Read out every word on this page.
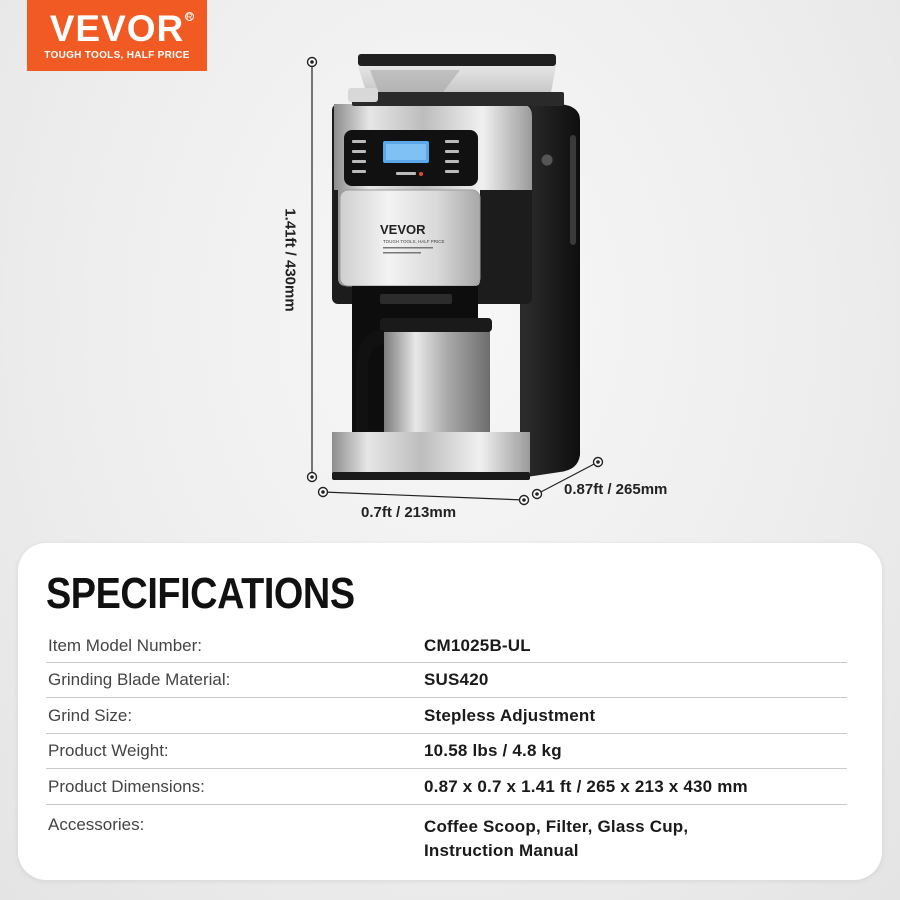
VEVOR R
TOUGH TOOLS, HALF PRICE
VEVOR
TOUGH TOOLS, HALF PRICE
1.41ft / 430mm
0.7ft / 213mm
0.87ft / 265mm
SPECIFICATIONS
Item Model Number:	CM1025B-UL
Grinding Blade Material:	SUS420
Grind Size:	Stepless Adjustment
Product Weight:	10.58 lbs / 4.8 kg
Product Dimensions:	0.87 x 0.7 x 1.41 ft / 265 x 213 x 430 mm
Accessories:	Coffee Scoop, Filter, Glass Cup,
Instruction Manual
